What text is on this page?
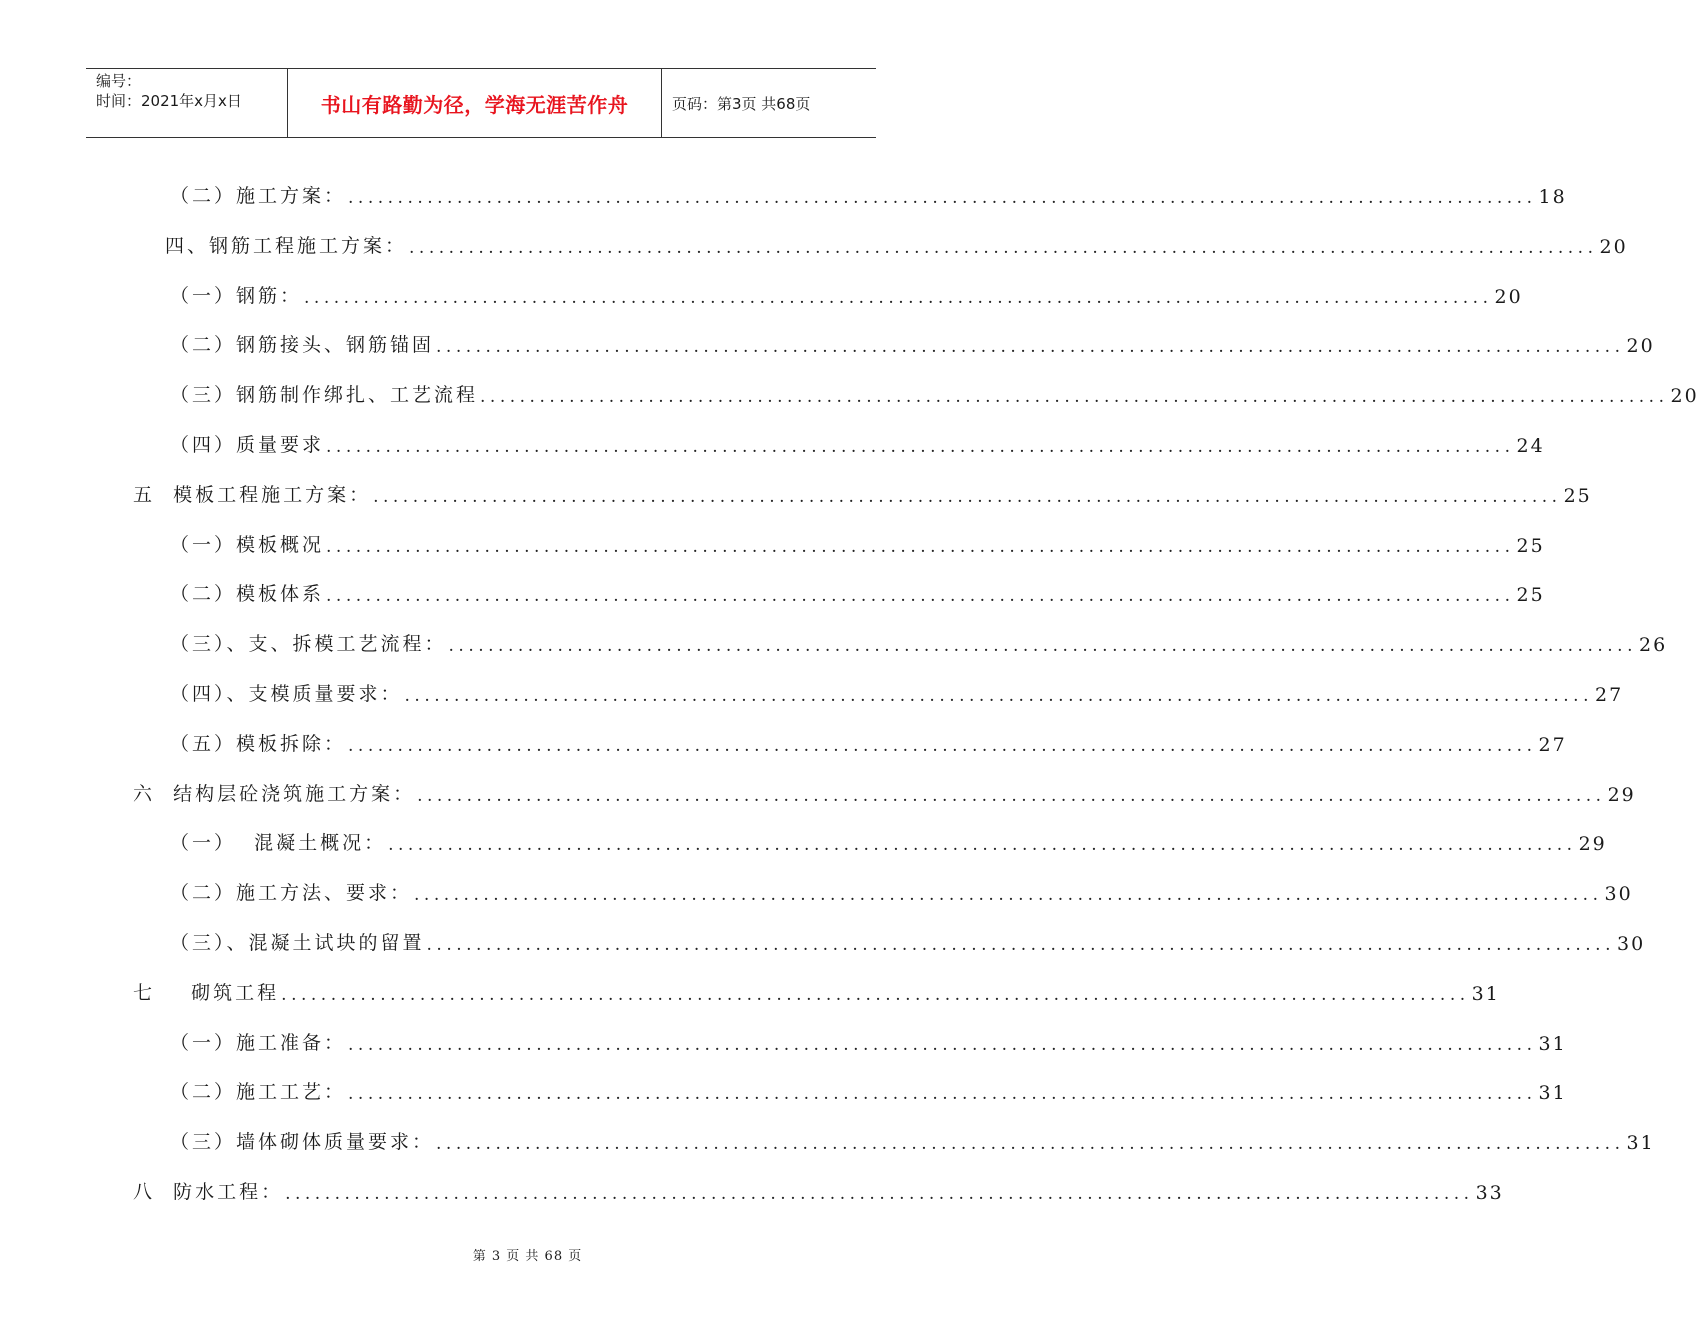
编号：
时间：2021年x月x日	书山有路勤为径，学海无涯苦作舟	页码：第3页 共68页
（二）施工方案： ........................................................................................................................ 18
四、钢筋工程施工方案： ........................................................................................................................ 20
（一）钢筋： ........................................................................................................................ 20
（二）钢筋接头、钢筋锚固 ........................................................................................................................ 20
（三）钢筋制作绑扎、工艺流程 ........................................................................................................................ 20
（四）质量要求 ........................................................................................................................ 24
五  模板工程施工方案： ........................................................................................................................ 25
（一）模板概况 ........................................................................................................................ 25
（二）模板体系 ........................................................................................................................ 25
（三）、支、拆模工艺流程： ........................................................................................................................ 26
（四）、支模质量要求： ........................................................................................................................ 27
（五）模板拆除： ........................................................................................................................ 27
六  结构层砼浇筑施工方案： ........................................................................................................................ 29
（一）  混凝土概况： ........................................................................................................................ 29
（二）施工方法、要求： ........................................................................................................................ 30
（三）、混凝土试块的留置 ........................................................................................................................ 30
七    砌筑工程 ........................................................................................................................ 31
（一）施工准备： ........................................................................................................................ 31
（二）施工工艺： ........................................................................................................................ 31
（三）墙体砌体质量要求： ........................................................................................................................ 31
八  防水工程： ........................................................................................................................ 33
第 3 页 共 68 页
